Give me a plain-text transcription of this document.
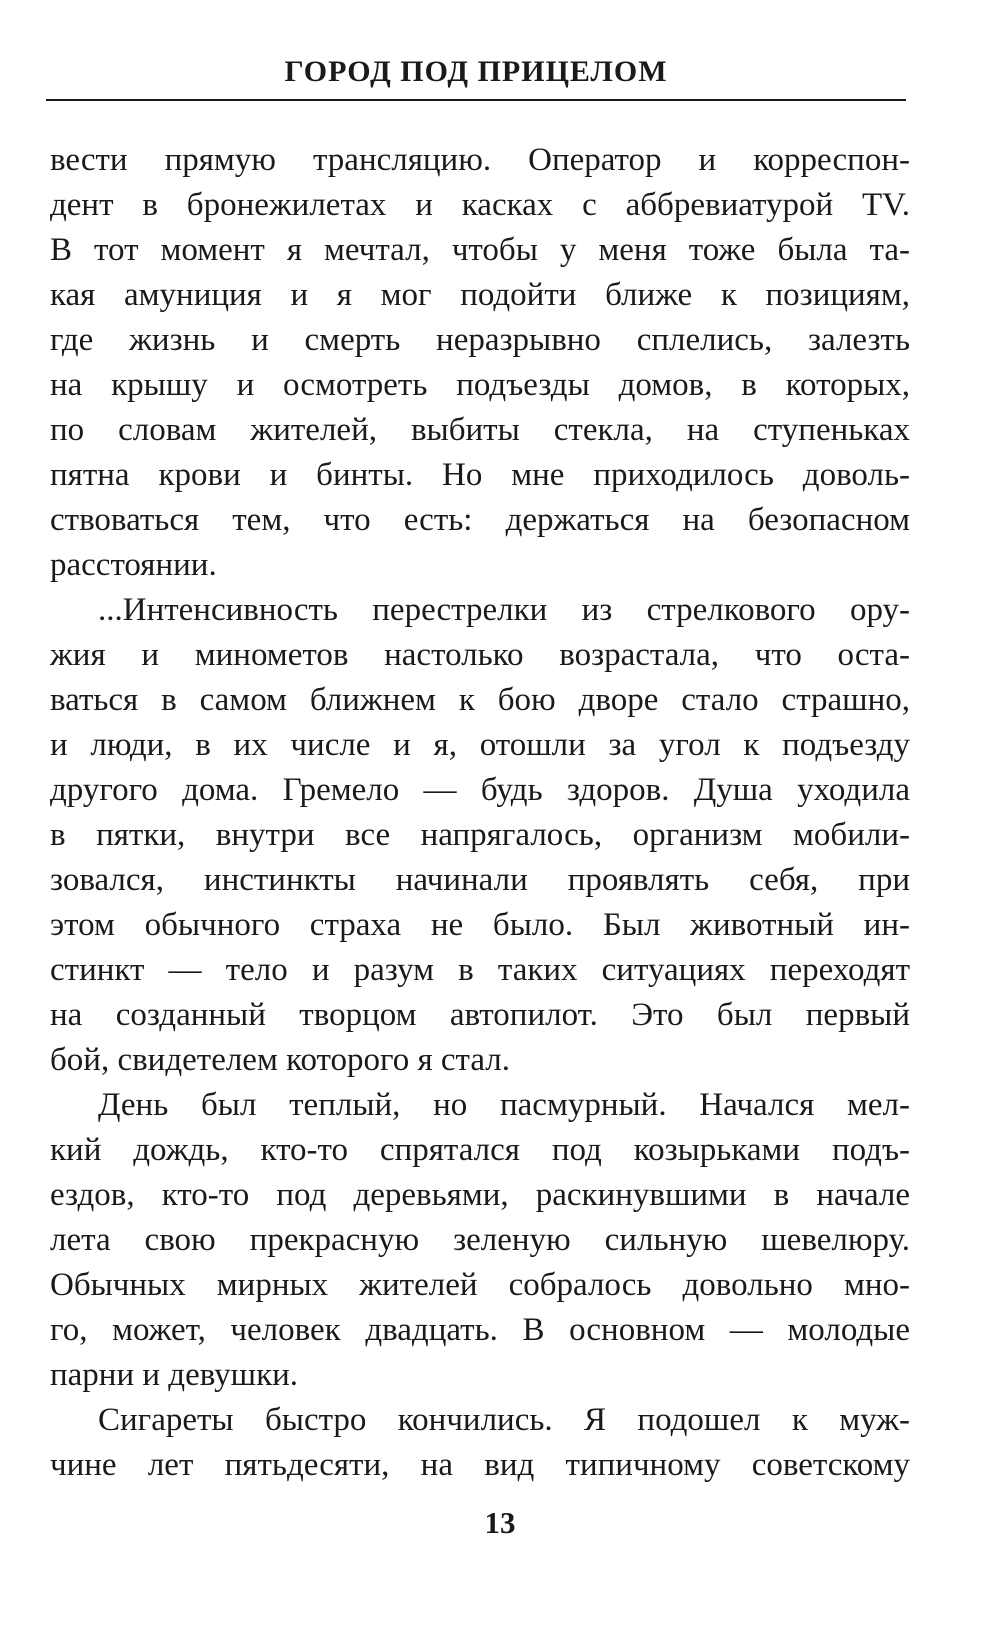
ГОРОД ПОД ПРИЦЕЛОМ
вести прямую трансляцию. Оператор и корреспон-
дент в бронежилетах и касках с аббревиатурой TV.
В тот момент я мечтал, чтобы у меня тоже была та-
кая амуниция и я мог подойти ближе к позициям,
где жизнь и смерть неразрывно сплелись, залезть
на крышу и осмотреть подъезды домов, в которых,
по словам жителей, выбиты стекла, на ступеньках
пятна крови и бинты. Но мне приходилось доволь-
ствоваться тем, что есть: держаться на безопасном
расстоянии.
...Интенсивность перестрелки из стрелкового ору-
жия и минометов настолько возрастала, что оста-
ваться в самом ближнем к бою дворе стало страшно,
и люди, в их числе и я, отошли за угол к подъезду
другого дома. Гремело — будь здоров. Душа уходила
в пятки, внутри все напрягалось, организм мобили-
зовался, инстинкты начинали проявлять себя, при
этом обычного страха не было. Был животный ин-
стинкт — тело и разум в таких ситуациях переходят
на созданный творцом автопилот. Это был первый
бой, свидетелем которого я стал.
День был теплый, но пасмурный. Начался мел-
кий дождь, кто-то спрятался под козырьками подъ-
ездов, кто-то под деревьями, раскинувшими в начале
лета свою прекрасную зеленую сильную шевелюру.
Обычных мирных жителей собралось довольно мно-
го, может, человек двадцать. В основном — молодые
парни и девушки.
Сигареты быстро кончились. Я подошел к муж-
чине лет пятьдесяти, на вид типичному советскому
13
